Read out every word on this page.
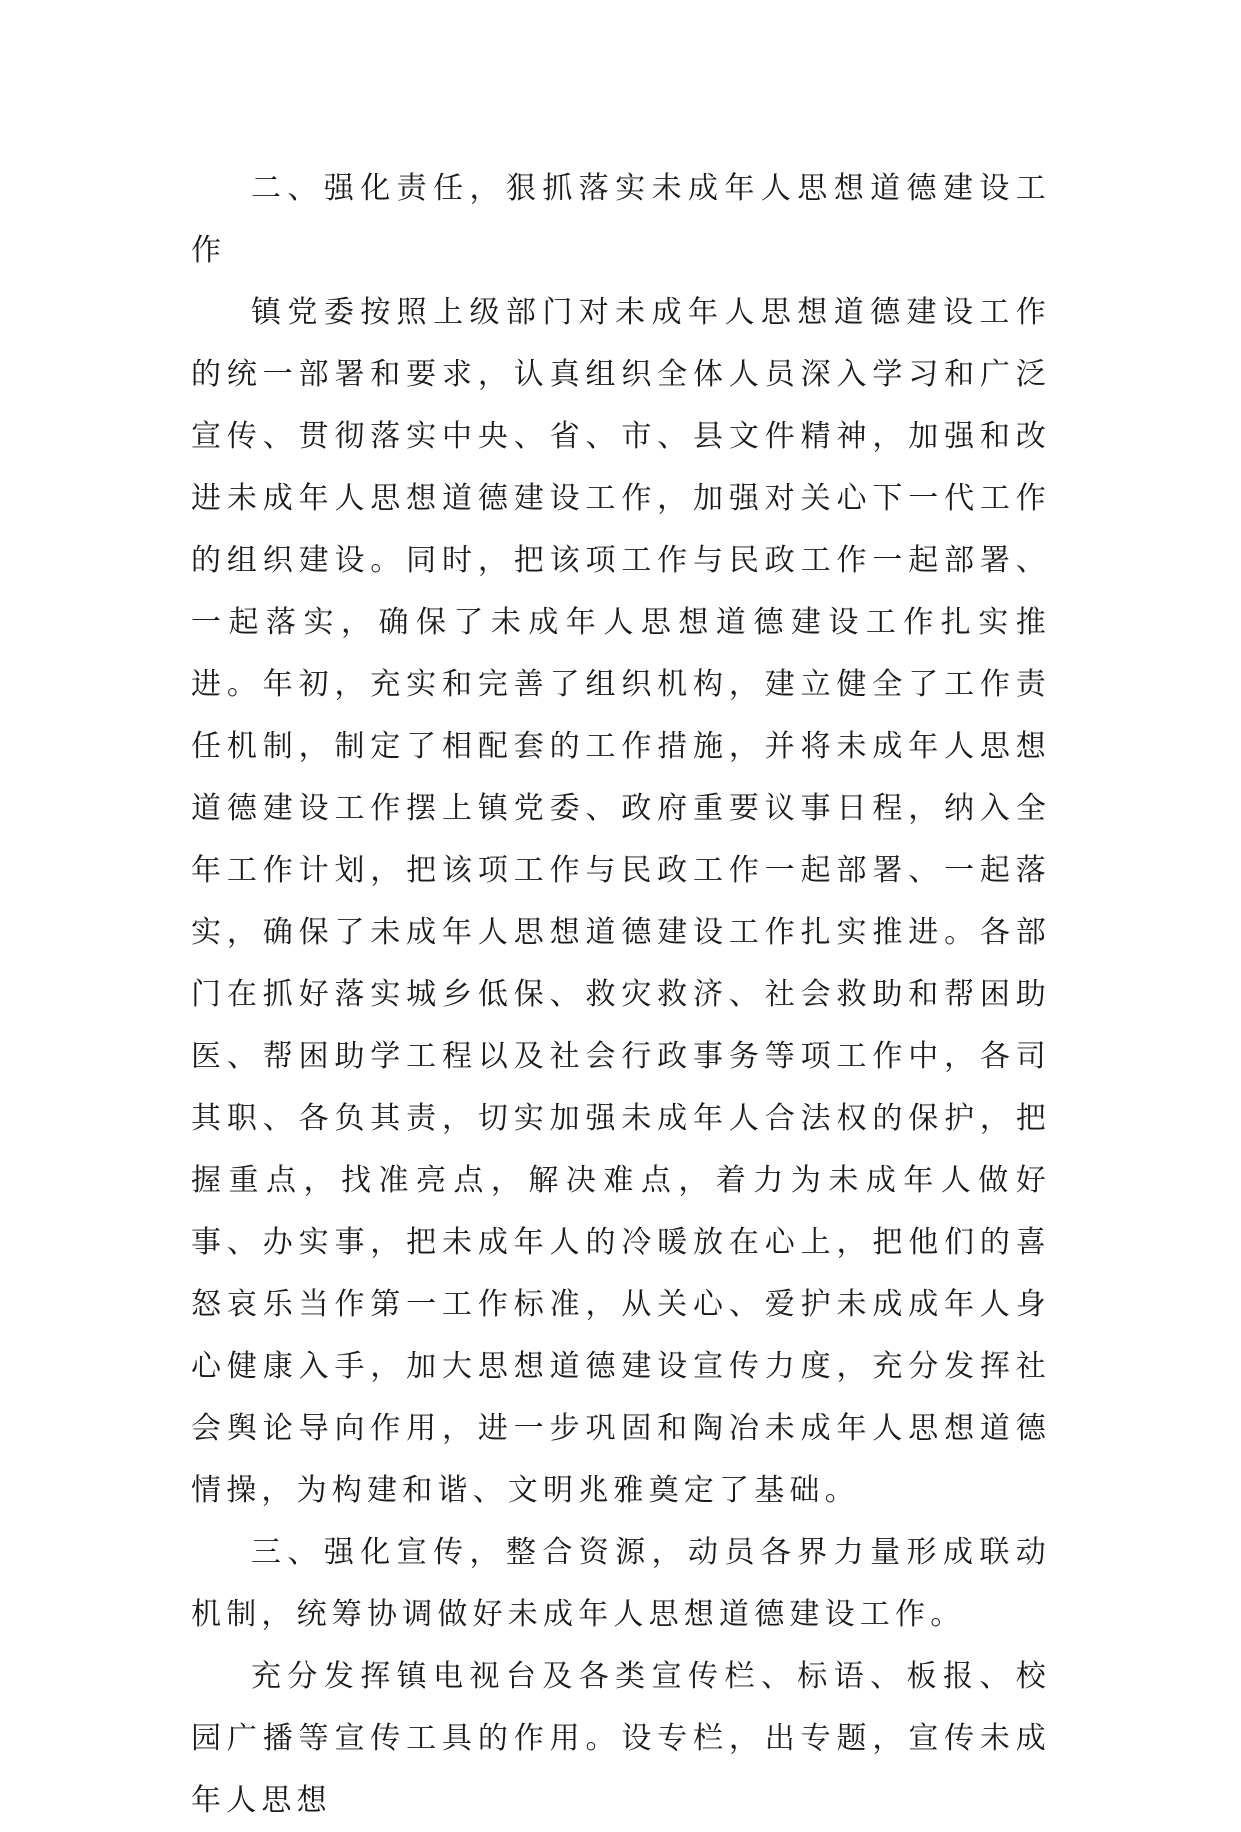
二、强化责任，狠抓落实未成年人思想道德建设工作

镇党委按照上级部门对未成年人思想道德建设工作的统一部署和要求，认真组织全体人员深入学习和广泛宣传、贯彻落实中央、省、市、县文件精神，加强和改进未成年人思想道德建设工作，加强对关心下一代工作的组织建设。同时，把该项工作与民政工作一起部署、一起落实，确保了未成年人思想道德建设工作扎实推进。年初，充实和完善了组织机构，建立健全了工作责任机制，制定了相配套的工作措施，并将未成年人思想道德建设工作摆上镇党委、政府重要议事日程，纳入全年工作计划，把该项工作与民政工作一起部署、一起落实，确保了未成年人思想道德建设工作扎实推进。各部门在抓好落实城乡低保、救灾救济、社会救助和帮困助医、帮困助学工程以及社会行政事务等项工作中，各司其职、各负其责，切实加强未成年人合法权的保护，把握重点，找准亮点，解决难点，着力为未成年人做好事、办实事，把未成年人的冷暖放在心上，把他们的喜怒哀乐当作第一工作标准，从关心、爱护未成成年人身心健康入手，加大思想道德建设宣传力度，充分发挥社会舆论导向作用，进一步巩固和陶冶未成年人思想道德情操，为构建和谐、文明兆雅奠定了基础。

三、强化宣传，整合资源，动员各界力量形成联动机制，统筹协调做好未成年人思想道德建设工作。

充分发挥镇电视台及各类宣传栏、标语、板报、校园广播等宣传工具的作用。设专栏，出专题，宣传未成年人思想
